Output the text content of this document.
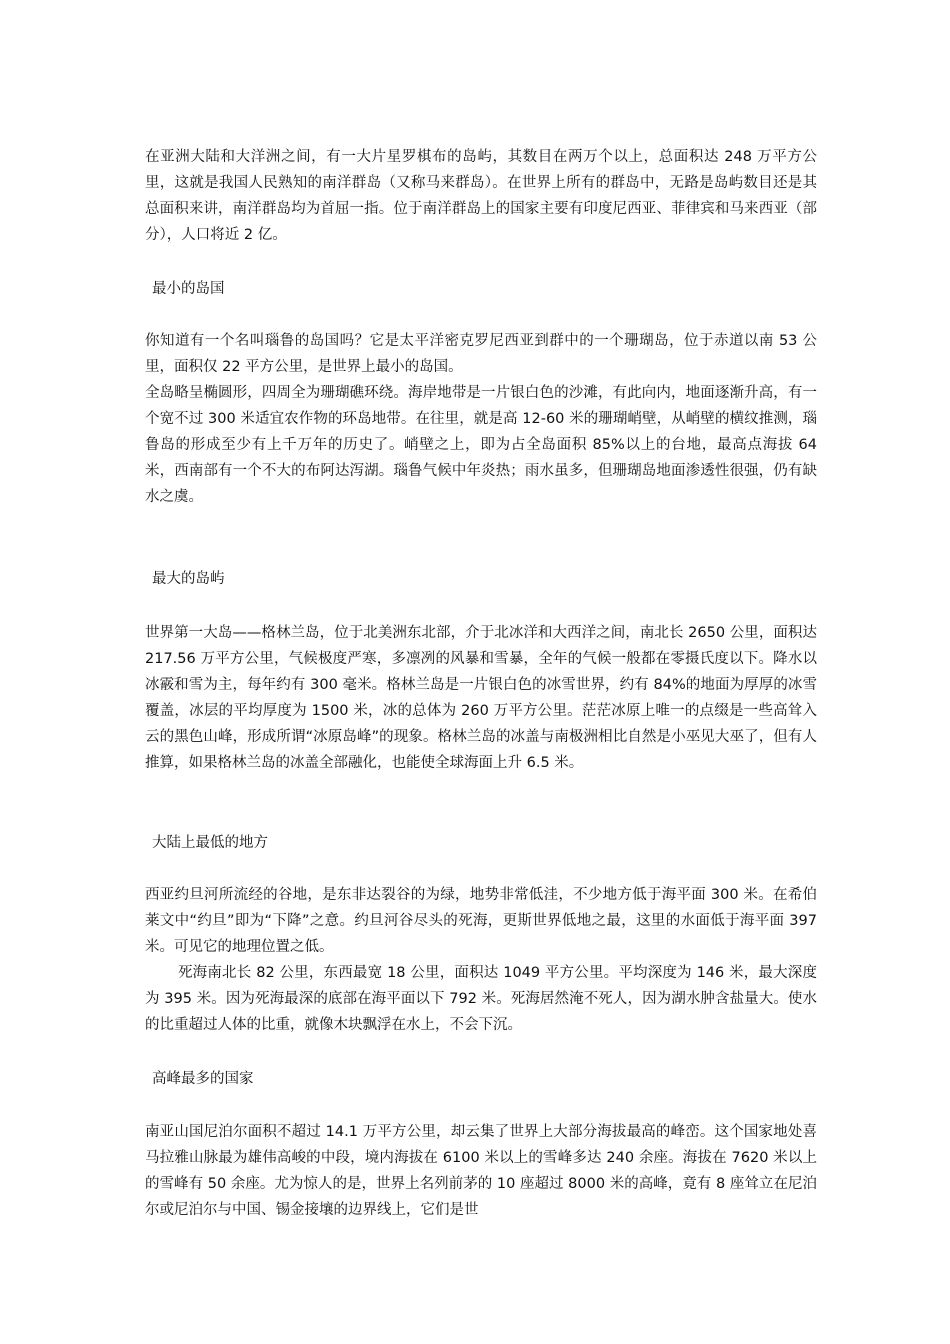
在亚洲大陆和大洋洲之间，有一大片星罗棋布的岛屿，其数目在两万个以上，总面积达 248 万平方公里，这就是我国人民熟知的南洋群岛（又称马来群岛）。在世界上所有的群岛中，无路是岛屿数目还是其总面积来讲，南洋群岛均为首屈一指。位于南洋群岛上的国家主要有印度尼西亚、菲律宾和马来西亚（部分），人口将近 2 亿。

最小的岛国

你知道有一个名叫瑙鲁的岛国吗？它是太平洋密克罗尼西亚到群中的一个珊瑚岛，位于赤道以南 53 公里，面积仅 22 平方公里，是世界上最小的岛国。

全岛略呈椭圆形，四周全为珊瑚礁环绕。海岸地带是一片银白色的沙滩，有此向内，地面逐渐升高，有一个宽不过 300 米适宜农作物的环岛地带。在往里，就是高 12-60 米的珊瑚峭壁，从峭壁的横纹推测，瑙鲁岛的形成至少有上千万年的历史了。峭壁之上，即为占全岛面积 85%以上的台地，最高点海拔 64 米，西南部有一个不大的布阿达泻湖。瑙鲁气候中年炎热；雨水虽多，但珊瑚岛地面渗透性很强，仍有缺水之虞。

最大的岛屿

世界第一大岛——格林兰岛，位于北美洲东北部，介于北冰洋和大西洋之间，南北长 2650 公里，面积达 217.56 万平方公里，气候极度严寒，多凛冽的风暴和雪暴，全年的气候一般都在零摄氏度以下。降水以冰霰和雪为主，每年约有 300 毫米。格林兰岛是一片银白色的冰雪世界，约有 84%的地面为厚厚的冰雪覆盖，冰层的平均厚度为 1500 米，冰的总体为 260 万平方公里。茫茫冰原上唯一的点缀是一些高耸入云的黑色山峰，形成所谓“冰原岛峰”的现象。格林兰岛的冰盖与南极洲相比自然是小巫见大巫了，但有人推算，如果格林兰岛的冰盖全部融化，也能使全球海面上升 6.5 米。

大陆上最低的地方

西亚约旦河所流经的谷地，是东非达裂谷的为绿，地势非常低洼，不少地方低于海平面 300 米。在希伯莱文中“约旦”即为“下降”之意。约旦河谷尽头的死海，更斯世界低地之最，这里的水面低于海平面 397 米。可见它的地理位置之低。

死海南北长 82 公里，东西最宽 18 公里，面积达 1049 平方公里。平均深度为 146 米，最大深度为 395 米。因为死海最深的底部在海平面以下 792 米。死海居然淹不死人，因为湖水肿含盐量大。使水的比重超过人体的比重，就像木块飘浮在水上，不会下沉。

高峰最多的国家

南亚山国尼泊尔面积不超过 14.1 万平方公里，却云集了世界上大部分海拔最高的峰峦。这个国家地处喜马拉雅山脉最为雄伟高峻的中段，境内海拔在 6100 米以上的雪峰多达 240 余座。海拔在 7620 米以上的雪峰有 50 余座。尤为惊人的是，世界上名列前茅的 10 座超过 8000 米的高峰，竟有 8 座耸立在尼泊尔或尼泊尔与中国、锡金接壤的边界线上，它们是世
